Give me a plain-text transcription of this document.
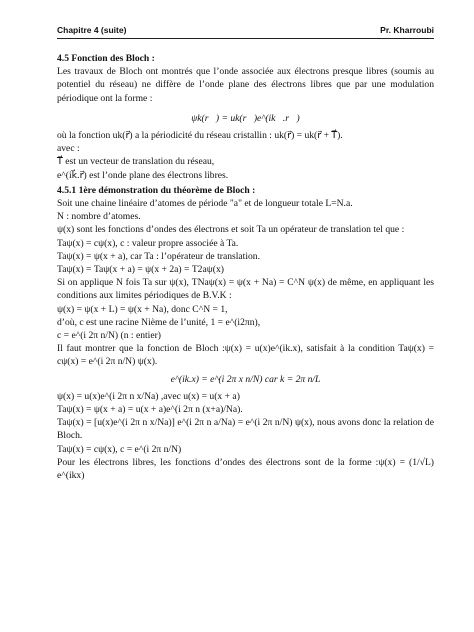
Chapitre 4 (suite)	Pr. Kharroubi

4.5 Fonction des Bloch :

Les travaux de Bloch ont montrés que l’onde associée aux électrons presque libres (soumis au potentiel du réseau) ne diffère de l’onde plane des électrons libres que par une modulation périodique ont la forme :

ψk(r⃗) = uk(r⃗)e^(ik⃗.r⃗)

où la fonction uk(r⃗) a la périodicité du réseau cristallin : uk(r⃗) = uk(r⃗ + T⃗).

avec :

T⃗ est un vecteur de translation du réseau,

e^(ik⃗.r⃗) est l’onde plane des électrons libres.

4.5.1 1ère démonstration du théorème de Bloch :

Soit une chaine linéaire d’atomes de période "a" et de longueur totale L=N.a.

N : nombre d’atomes.

ψ(x) sont les fonctions d’ondes des électrons et soit Ta un opérateur de translation tel que :

Taψ(x) = cψ(x), c : valeur propre associée à Ta.

Taψ(x) = ψ(x + a), car Ta : l’opérateur de translation.

Taψ(x) = Taψ(x + a) = ψ(x + 2a) = T2aψ(x)

Si on applique N fois Ta sur ψ(x), TNaψ(x) = ψ(x + Na) = C^N ψ(x) de même, en appliquant les conditions aux limites périodiques de B.V.K :

ψ(x) = ψ(x + L) = ψ(x + Na), donc C^N = 1,

d’où, c est une racine Nième de l’unité, 1 = e^(i2πn),

c = e^(i 2π n/N) (n : entier)

Il faut montrer que la fonction de Bloch :ψ(x) = u(x)e^(ik.x), satisfait à la condition Taψ(x) = cψ(x) = e^(i 2π n/N) ψ(x).

e^(ik.x) = e^(i 2π x n/N) car k = 2π n/L

ψ(x) = u(x)e^(i 2π n x/Na) ,avec u(x) = u(x + a)

Taψ(x) = ψ(x + a) = u(x + a)e^(i 2π n (x+a)/Na).

Taψ(x) = [u(x)e^(i 2π n x/Na)] e^(i 2π n a/Na) = e^(i 2π n/N) ψ(x), nous avons donc la relation de Bloch.

Taψ(x) = cψ(x), c = e^(i 2π n/N)

Pour les électrons libres, les fonctions d’ondes des électrons sont de la forme :ψ(x) = (1/√L) e^(ikx)
